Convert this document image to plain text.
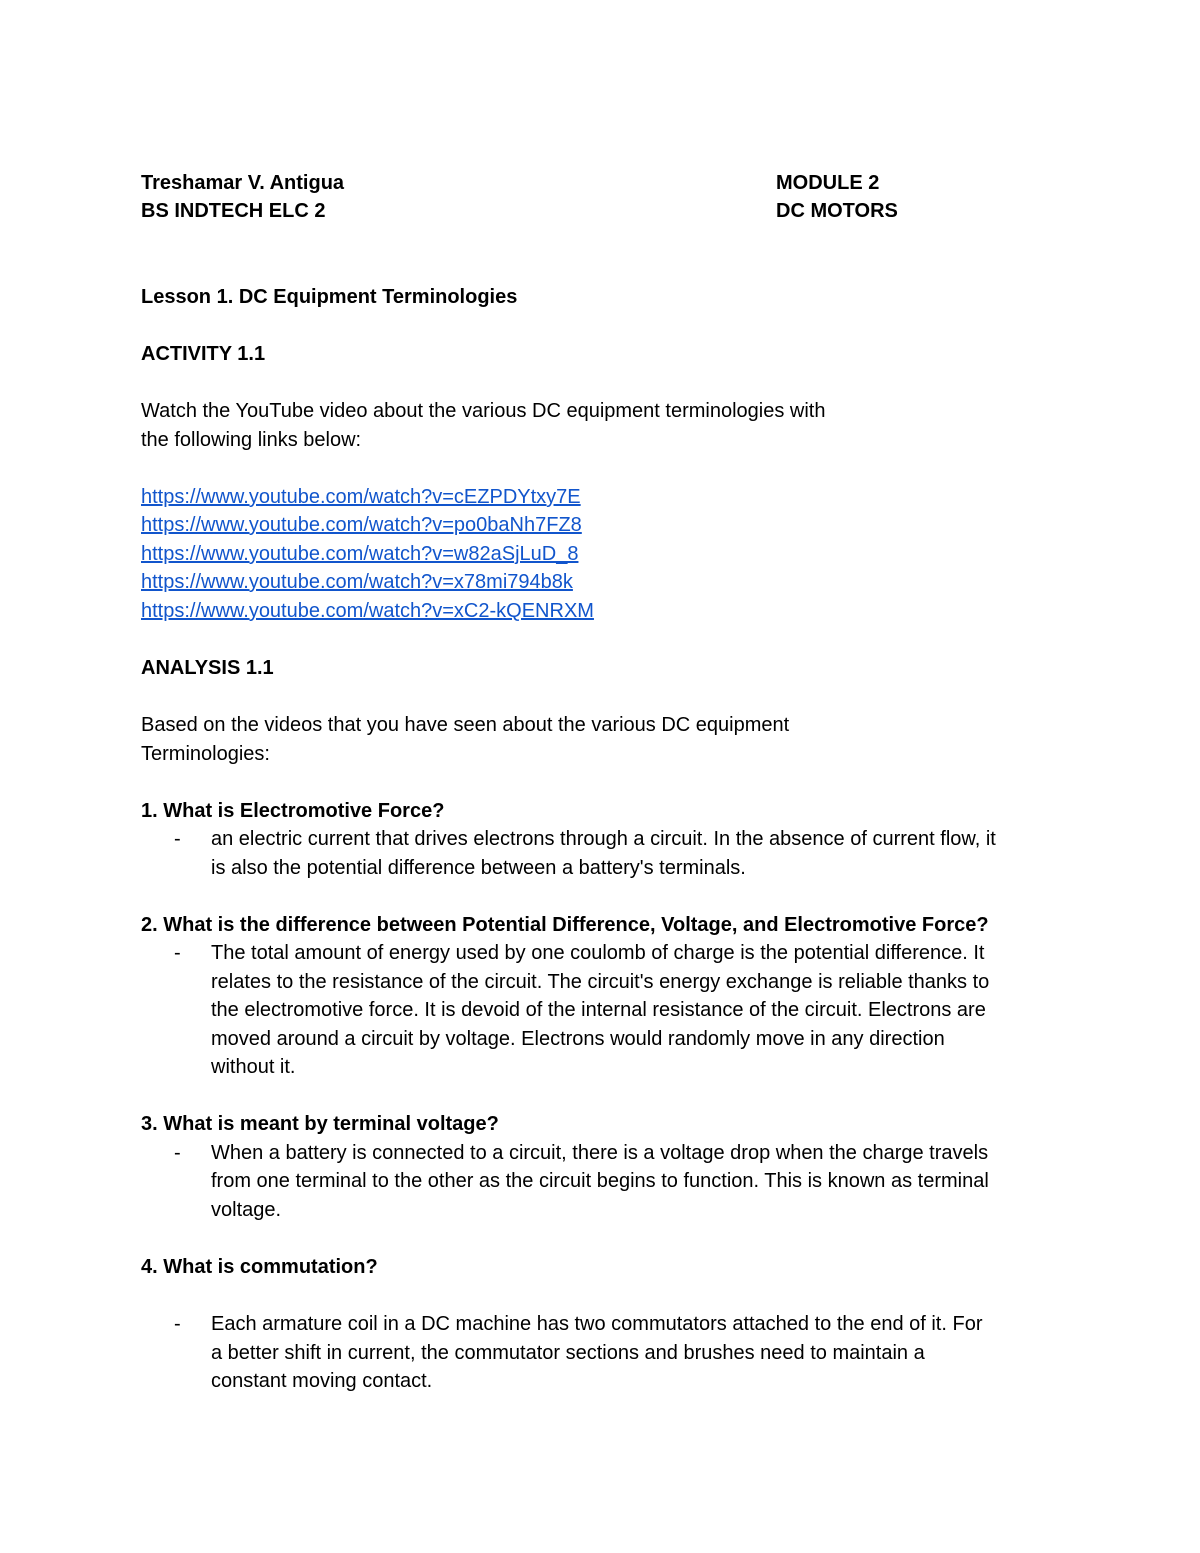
Treshamar V. Antigua
BS INDTECH ELC 2
MODULE 2
DC MOTORS
Lesson 1. DC Equipment Terminologies
ACTIVITY 1.1
Watch the YouTube video about the various DC equipment terminologies with
the following links below:
https://www.youtube.com/watch?v=cEZPDYtxy7E
https://www.youtube.com/watch?v=po0baNh7FZ8
https://www.youtube.com/watch?v=w82aSjLuD_8
https://www.youtube.com/watch?v=x78mi794b8k
https://www.youtube.com/watch?v=xC2-kQENRXM
ANALYSIS 1.1
Based on the videos that you have seen about the various DC equipment
Terminologies:
1. What is Electromotive Force?
- an electric current that drives electrons through a circuit. In the absence of current flow, it
is also the potential difference between a battery's terminals.
2. What is the difference between Potential Difference, Voltage, and Electromotive Force?
- The total amount of energy used by one coulomb of charge is the potential difference. It
relates to the resistance of the circuit. The circuit's energy exchange is reliable thanks to
the electromotive force. It is devoid of the internal resistance of the circuit. Electrons are
moved around a circuit by voltage. Electrons would randomly move in any direction
without it.
3. What is meant by terminal voltage?
- When a battery is connected to a circuit, there is a voltage drop when the charge travels
from one terminal to the other as the circuit begins to function. This is known as terminal
voltage.
4. What is commutation?
- Each armature coil in a DC machine has two commutators attached to the end of it. For
a better shift in current, the commutator sections and brushes need to maintain a
constant moving contact.
